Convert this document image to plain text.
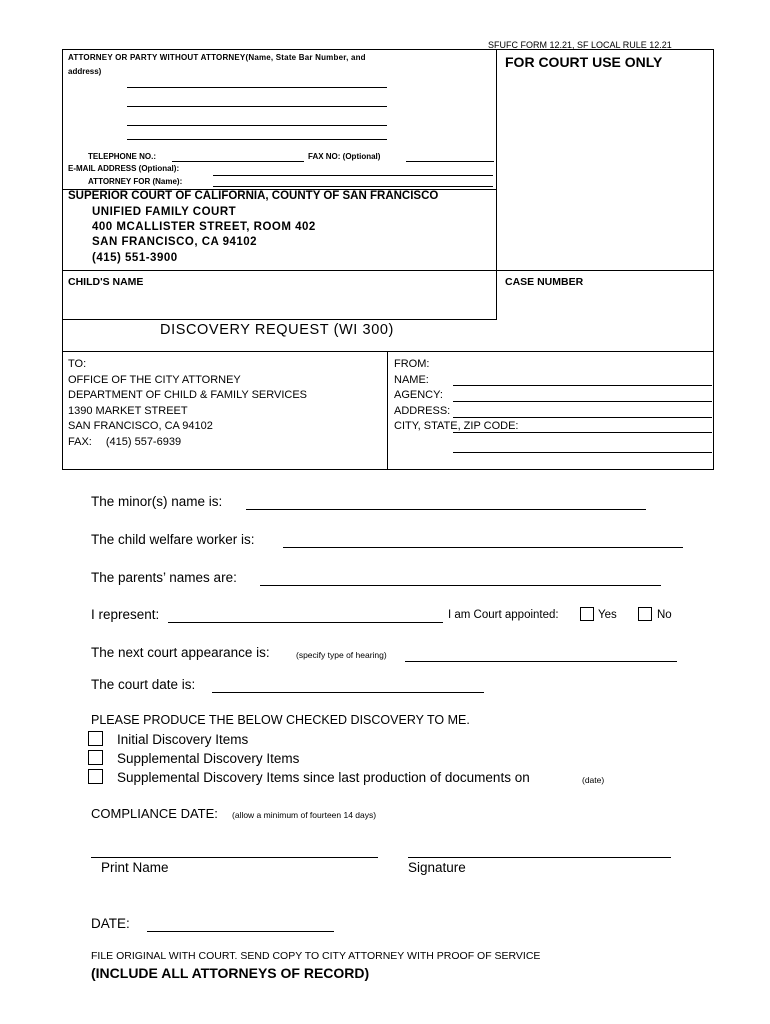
SFUFC FORM 12.21, SF LOCAL RULE 12.21
ATTORNEY OR PARTY WITHOUT ATTORNEY(Name, State Bar Number, and
address)
TELEPHONE NO.:	FAX NO: (Optional)
E-MAIL ADDRESS (Optional):
ATTORNEY FOR (Name):
FOR COURT USE ONLY
SUPERIOR COURT OF CALIFORNIA, COUNTY OF SAN FRANCISCO
UNIFIED FAMILY COURT
400 MCALLISTER STREET, ROOM 402
SAN FRANCISCO, CA 94102
(415) 551-3900
CHILD'S NAME	CASE NUMBER
DISCOVERY REQUEST (WI 300)
TO:
OFFICE OF THE CITY ATTORNEY
DEPARTMENT OF CHILD & FAMILY SERVICES
1390 MARKET STREET
SAN FRANCISCO, CA 94102
FAX: (415) 557-6939
FROM:
NAME:
AGENCY:
ADDRESS:
CITY, STATE, ZIP CODE:
The minor(s) name is:
The child welfare worker is:
The parents’ names are:
I represent:	I am Court appointed:	Yes	No
The next court appearance is:	(specify type of hearing)
The court date is:
PLEASE PRODUCE THE BELOW CHECKED DISCOVERY TO ME.
Initial Discovery Items
Supplemental Discovery Items
Supplemental Discovery Items since last production of documents on	(date)
COMPLIANCE DATE: (allow a minimum of fourteen 14 days)
Print Name	Signature
DATE:
FILE ORIGINAL WITH COURT. SEND COPY TO CITY ATTORNEY WITH PROOF OF SERVICE
(INCLUDE ALL ATTORNEYS OF RECORD)
